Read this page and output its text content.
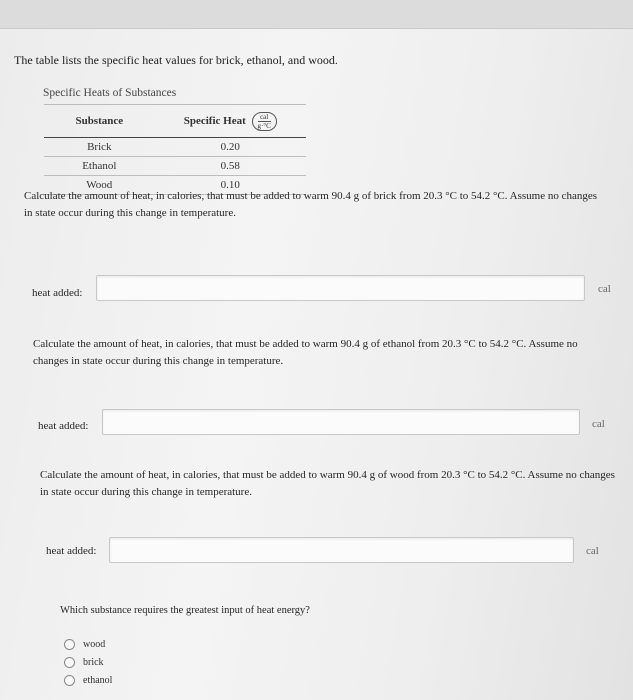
The table lists the specific heat values for brick, ethanol, and wood.
Specific Heats of Substances
Substance	Specific Heat $\frac{\text{cal}}{g\cdot^\circ C}$

Brick	0.20
Ethanol	0.58
Wood	0.10
Calculate the amount of heat, in calories, that must be added to warm 90.4 g of brick from 20.3 °C to 54.2 °C. Assume no changes in state occur during this change in temperature.
heat added:	cal
Calculate the amount of heat, in calories, that must be added to warm 90.4 g of ethanol from 20.3 °C to 54.2 °C. Assume no changes in state occur during this change in temperature.
heat added:	cal
Calculate the amount of heat, in calories, that must be added to warm 90.4 g of wood from 20.3 °C to 54.2 °C. Assume no changes in state occur during this change in temperature.
heat added:	cal
Which substance requires the greatest input of heat energy?
wood
brick
ethanol
